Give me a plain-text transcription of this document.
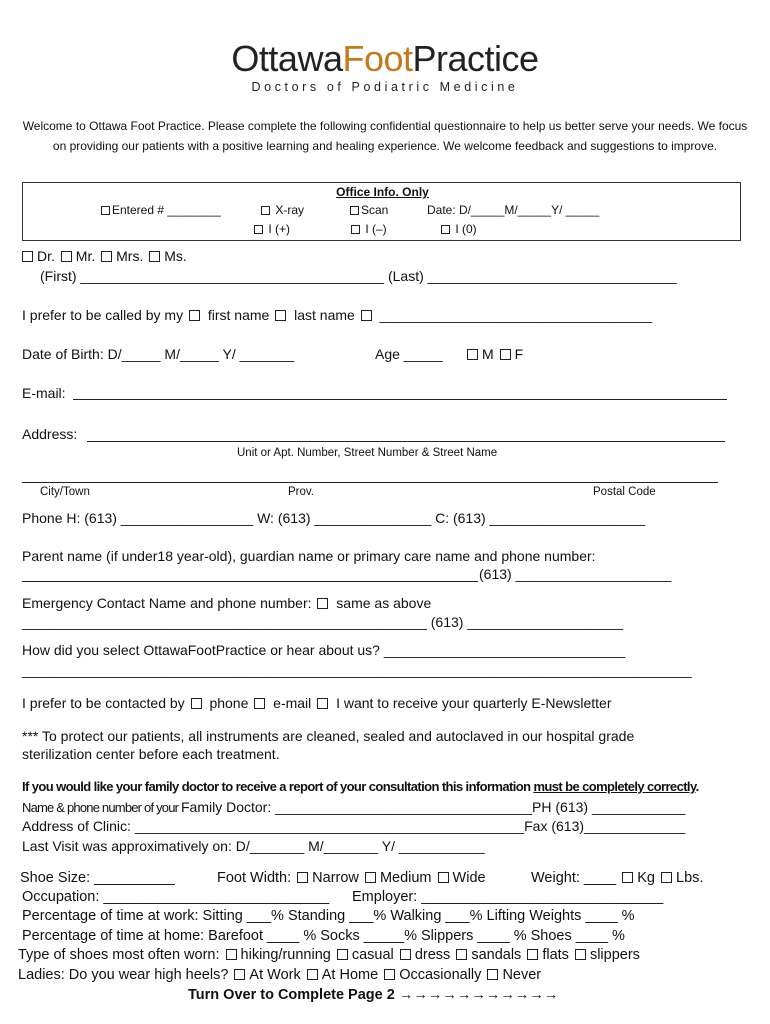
OttawaFootPractice
Doctors of Podiatric Medicine
Welcome to Ottawa Foot Practice. Please complete the following confidential questionnaire to help us better serve your needs. We focus on providing our patients with a positive learning and healing experience. We welcome feedback and suggestions to improve.
Office Info. Only
Entered # ________	X-ray	Scan	Date: D/_____M/_____Y/ _____
I (+)	I (–)	I (0)
Dr. Mr. Mrs. Ms.
(First) _______________________________________ (Last) ________________________________
I prefer to be called by my first name last name ___________________________________
Date of Birth: D/_____ M/_____ Y/ _______	Age _____	M F
E-mail:
Address:
Unit or Apt. Number, Street Number & Street Name
City/Town	Prov.	Postal Code
Phone H: (613) _________________ W: (613) _______________ C: (613) ____________________
Parent name (if under18 year-old), guardian name or primary care name and phone number:
(613) ____________________
Emergency Contact Name and phone number: same as above
____________________________________________________ (613) ____________________
How did you select OttawaFootPractice or hear about us? _______________________________
______________________________________________________________________________________
I prefer to be contacted by phone e-mail I want to receive your quarterly E-Newsletter
*** To protect our patients, all instruments are cleaned, sealed and autoclaved in our hospital grade
sterilization center before each treatment.
If you would like your family doctor to receive a report of your consultation this information must be completely correctly.
Name & phone number of your Family Doctor: _________________________________PH (613) ____________
Address of Clinic: __________________________________________________Fax (613)_____________
Last Visit was approximatively on: D/_______ M/_______ Y/ ___________
Shoe Size: __________	Foot Width: Narrow Medium Wide	Weight: ____ Kg Lbs.
Occupation: ____________________________ Employer: ______________________________
Percentage of time at work: Sitting ___% Standing ___% Walking ___% Lifting Weights ____ %
Percentage of time at home: Barefoot ____ % Socks _____% Slippers ____ % Shoes ____ %
Type of shoes most often worn: hiking/running casual dress sandals flats slippers
Ladies: Do you wear high heels? At Work At Home Occasionally Never
Turn Over to Complete Page 2 →→→→→→→→→→→
